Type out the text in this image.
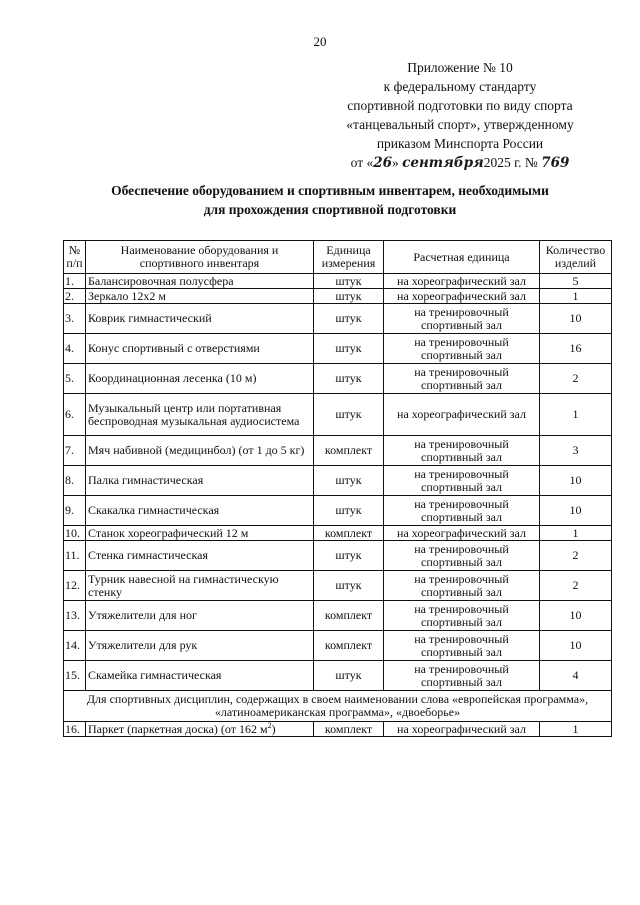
20
Приложение № 10
к федеральному стандарту
спортивной подготовки по виду спорта
«танцевальный спорт», утвержденному
приказом Минспорта России
от «26» сентября2025 г. № 769
Обеспечение оборудованием и спортивным инвентарем, необходимыми
для прохождения спортивной подготовки
№ п/п	Наименование оборудования и спортивного инвентаря	Единица измерения	Расчетная единица	Количество изделий
1.	Балансировочная полусфера	штук	на хореографический зал	5
2.	Зеркало 12х2 м	штук	на хореографический зал	1
3.	Коврик гимнастический	штук	на тренировочный спортивный зал	10
4.	Конус спортивный с отверстиями	штук	на тренировочный спортивный зал	16
5.	Координационная лесенка (10 м)	штук	на тренировочный спортивный зал	2
6.	Музыкальный центр или портативная беспроводная музыкальная аудиосистема	штук	на хореографический зал	1
7.	Мяч набивной (медицинбол) (от 1 до 5 кг)	комплект	на тренировочный спортивный зал	3
8.	Палка гимнастическая	штук	на тренировочный спортивный зал	10
9.	Скакалка гимнастическая	штук	на тренировочный спортивный зал	10
10.	Станок хореографический 12 м	комплект	на хореографический зал	1
11.	Стенка гимнастическая	штук	на тренировочный спортивный зал	2
12.	Турник навесной на гимнастическую стенку	штук	на тренировочный спортивный зал	2
13.	Утяжелители для ног	комплект	на тренировочный спортивный зал	10
14.	Утяжелители для рук	комплект	на тренировочный спортивный зал	10
15.	Скамейка гимнастическая	штук	на тренировочный спортивный зал	4
Для спортивных дисциплин, содержащих в своем наименовании слова «европейская программа», «латиноамериканская программа», «двоеборье»				
16.	Паркет (паркетная доска) (от 162 $м^2$)	комплект	на хореографический зал	1
